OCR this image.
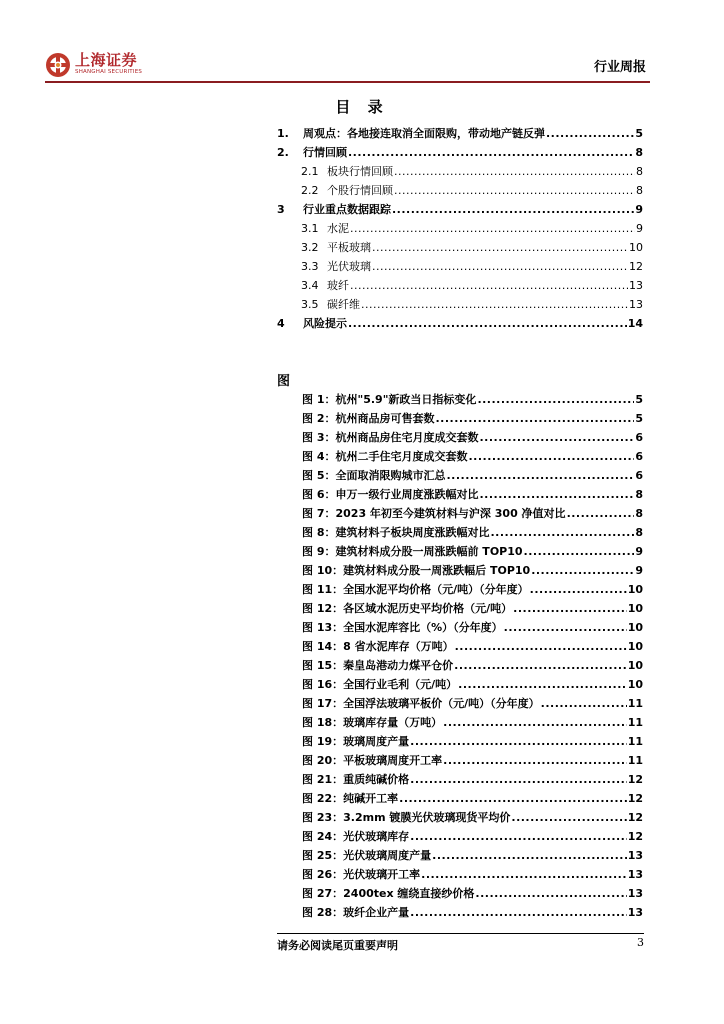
上海证券
SHANGHAI SECURITIES	行业周报
目 录
1.	周观点：各地接连取消全面限购，带动地产链反弹 .....	5
2.	行情回顾 .....	8
2.1 板块行情回顾 .....	8
2.2 个股行情回顾 .....	8
3	行业重点数据跟踪 .....	9
3.1 水泥 .....	9
3.2 平板玻璃 .....	10
3.3 光伏玻璃 .....	12
3.4 玻纤 .....	13
3.5 碳纤维 .....	13
4	风险提示 .....	14
图
图 1：杭州"5.9"新政当日指标变化 .....	5
图 2：杭州商品房可售套数 .....	5
图 3：杭州商品房住宅月度成交套数 .....	6
图 4：杭州二手住宅月度成交套数 .....	6
图 5：全面取消限购城市汇总 .....	6
图 6：申万一级行业周度涨跌幅对比 .....	8
图 7：2023 年初至今建筑材料与沪深 300 净值对比 .....	8
图 8：建筑材料子板块周度涨跌幅对比 .....	8
图 9：建筑材料成分股一周涨跌幅前 TOP10 .....	9
图 10：建筑材料成分股一周涨跌幅后 TOP10 .....	9
图 11：全国水泥平均价格（元/吨）（分年度） .....	10
图 12：各区域水泥历史平均价格（元/吨） .....	10
图 13：全国水泥库容比（%）（分年度） .....	10
图 14：8 省水泥库存（万吨） .....	10
图 15：秦皇岛港动力煤平仓价 .....	10
图 16：全国行业毛利（元/吨） .....	10
图 17：全国浮法玻璃平板价（元/吨）（分年度） .....	11
图 18：玻璃库存量（万吨） .....	11
图 19：玻璃周度产量 .....	11
图 20：平板玻璃周度开工率 .....	11
图 21：重质纯碱价格 .....	12
图 22：纯碱开工率 .....	12
图 23：3.2mm 镀膜光伏玻璃现货平均价 .....	12
图 24：光伏玻璃库存 .....	12
图 25：光伏玻璃周度产量 .....	13
图 26：光伏玻璃开工率 .....	13
图 27：2400tex 缠绕直接纱价格 .....	13
图 28：玻纤企业产量 .....	13
请务必阅读尾页重要声明	3
